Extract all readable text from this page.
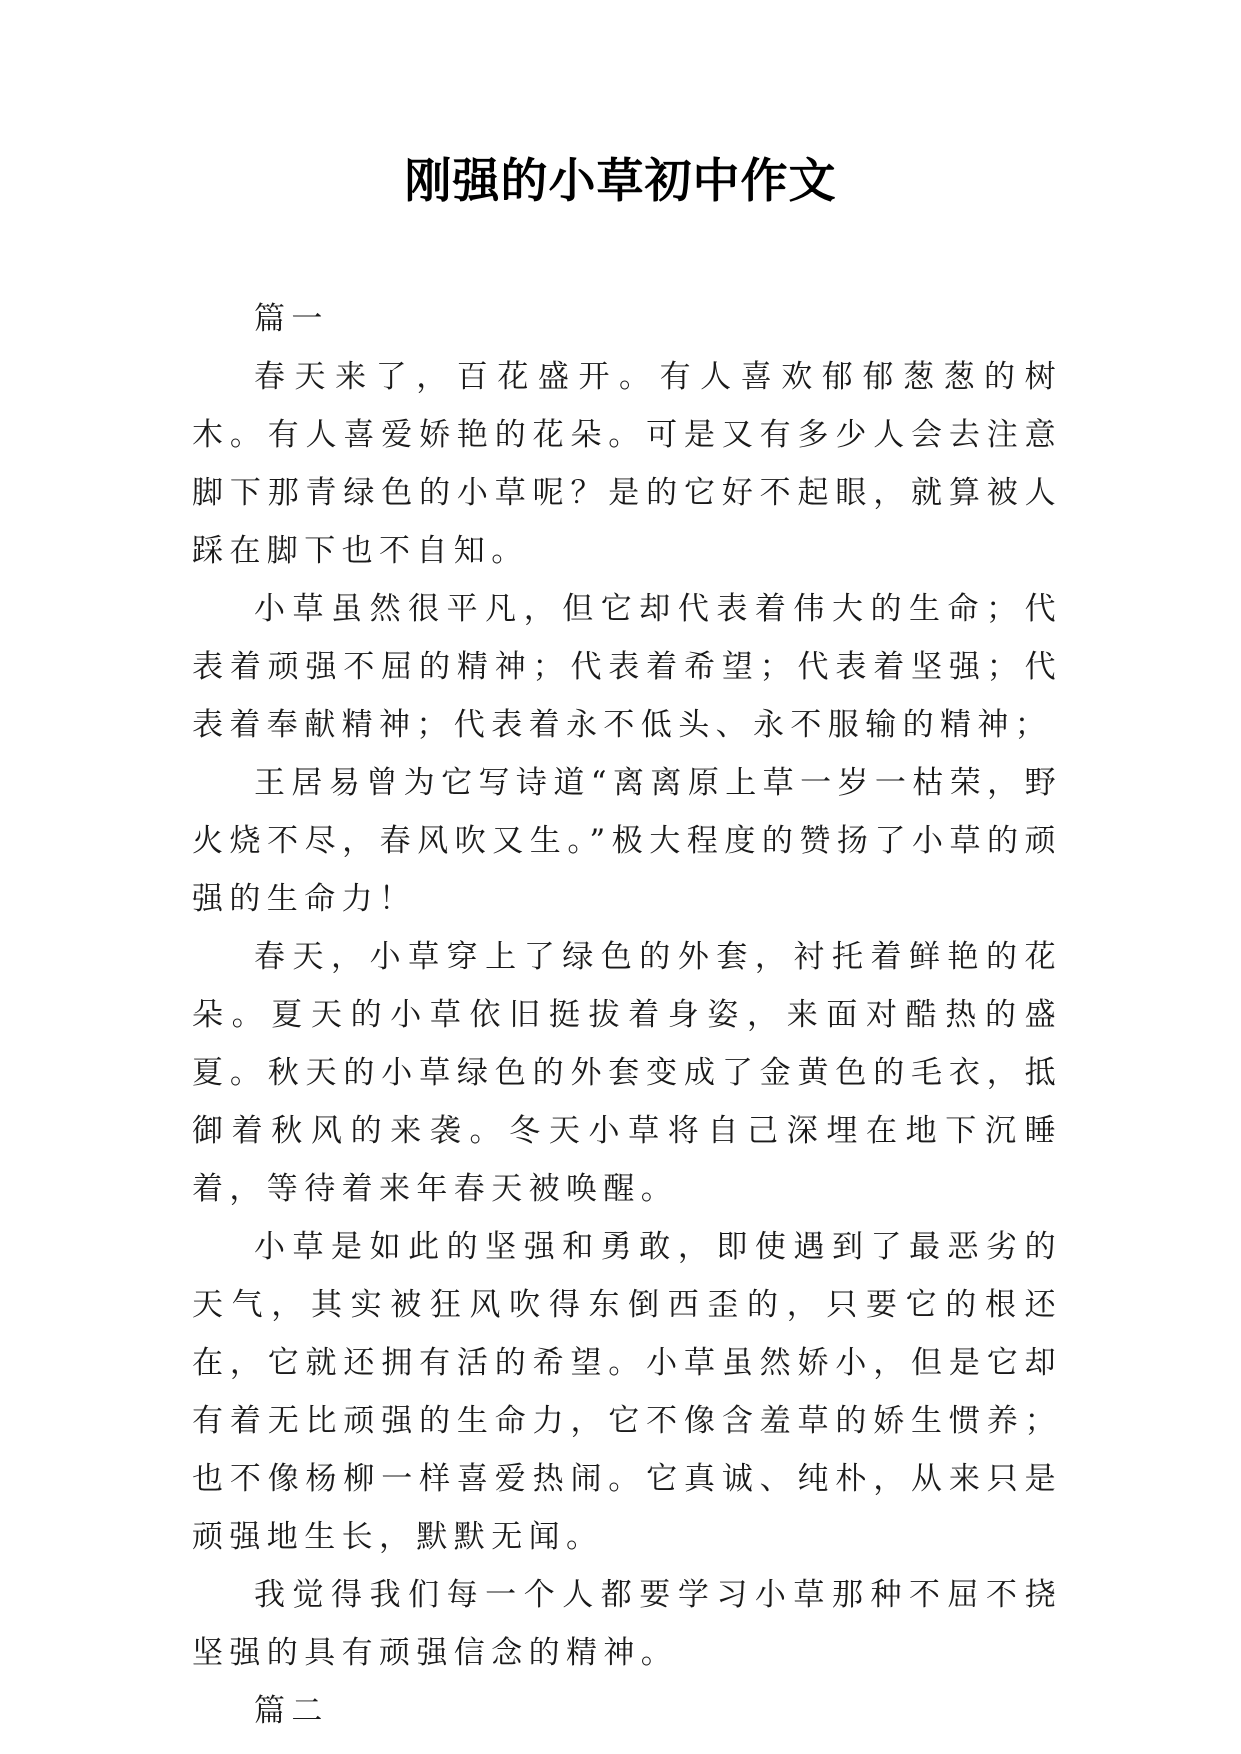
刚强的小草初中作文

篇一

春天来了，百花盛开。有人喜欢郁郁葱葱的树木。有人喜爱娇艳的花朵。可是又有多少人会去注意脚下那青绿色的小草呢？是的它好不起眼，就算被人踩在脚下也不自知。

小草虽然很平凡，但它却代表着伟大的生命；代表着顽强不屈的精神；代表着希望；代表着坚强；代表着奉献精神；代表着永不低头、永不服输的精神；

王居易曾为它写诗道“离离原上草一岁一枯荣，野火烧不尽，春风吹又生。”极大程度的赞扬了小草的顽强的生命力！

春天，小草穿上了绿色的外套，衬托着鲜艳的花朵。夏天的小草依旧挺拔着身姿，来面对酷热的盛夏。秋天的小草绿色的外套变成了金黄色的毛衣，抵御着秋风的来袭。冬天小草将自己深埋在地下沉睡着，等待着来年春天被唤醒。

小草是如此的坚强和勇敢，即使遇到了最恶劣的天气，其实被狂风吹得东倒西歪的，只要它的根还在，它就还拥有活的希望。小草虽然娇小，但是它却有着无比顽强的生命力，它不像含羞草的娇生惯养；也不像杨柳一样喜爱热闹。它真诚、纯朴，从来只是顽强地生长，默默无闻。

我觉得我们每一个人都要学习小草那种不屈不挠坚强的具有顽强信念的精神。

篇二
